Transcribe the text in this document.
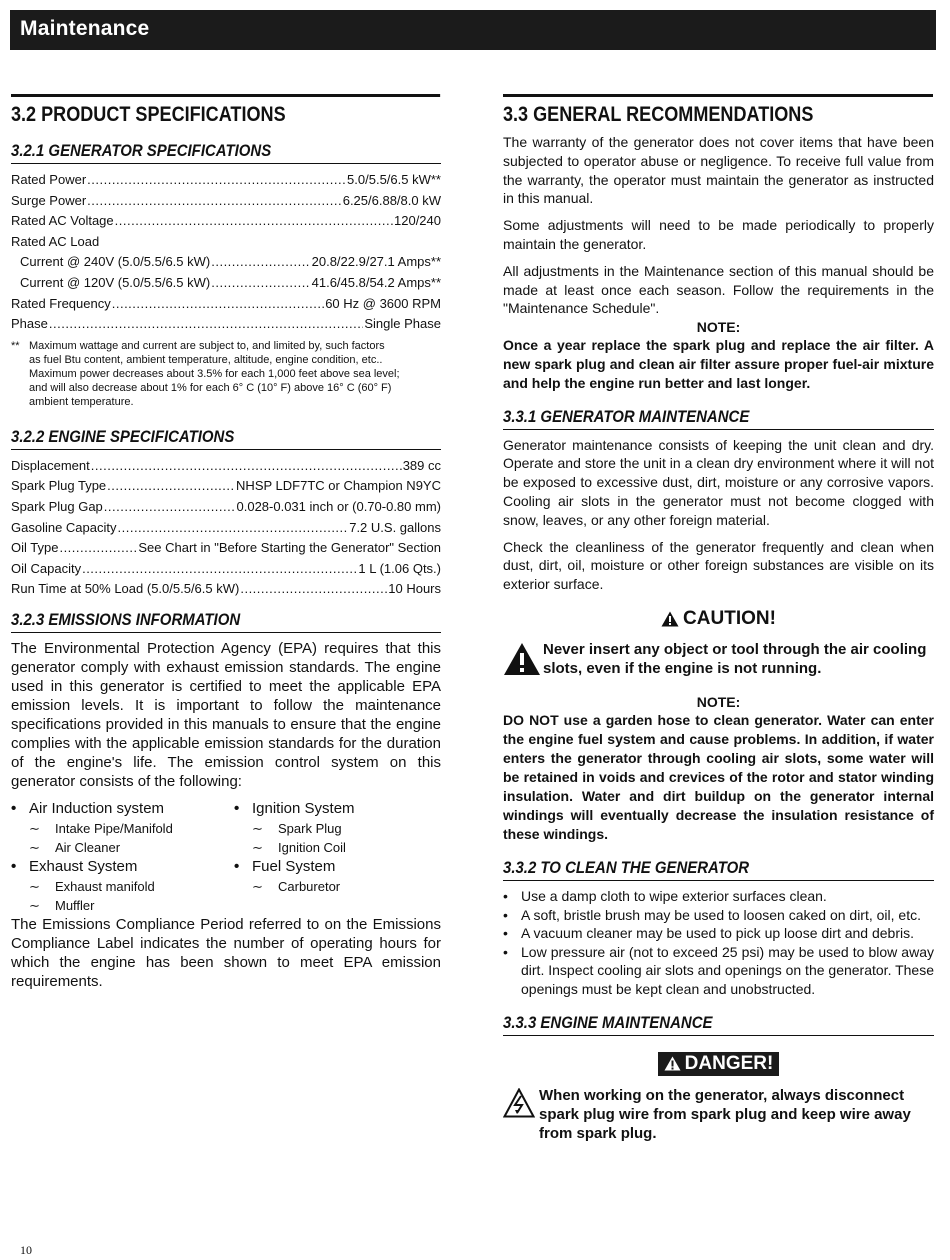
Maintenance
3.2 PRODUCT SPECIFICATIONS
3.2.1 GENERATOR SPECIFICATIONS
Rated Power .....	5.0/5.5/6.5 kW**
Surge Power .....	6.25/6.88/8.0 kW
Rated AC Voltage .....	120/240
Rated AC Load
Current @ 240V (5.0/5.5/6.5 kW) .....	20.8/22.9/27.1 Amps**
Current @ 120V (5.0/5.5/6.5 kW) .....	41.6/45.8/54.2 Amps**
Rated Frequency .....	60 Hz @ 3600 RPM
Phase .....	Single Phase
** Maximum wattage and current are subject to, and limited by, such factors
as fuel Btu content, ambient temperature, altitude, engine condition, etc..
Maximum power decreases about 3.5% for each 1,000 feet above sea level;
and will also decrease about 1% for each 6° C (10° F) above 16° C (60° F)
ambient temperature.
3.2.2 ENGINE SPECIFICATIONS
Displacement .....	389 cc
Spark Plug Type .....	NHSP LDF7TC or Champion N9YC
Spark Plug Gap .....	0.028-0.031 inch or (0.70-0.80 mm)
Gasoline Capacity .....	7.2 U.S. gallons
Oil Type .....	See Chart in "Before Starting the Generator" Section
Oil Capacity .....	1 L (1.06 Qts.)
Run Time at 50% Load (5.0/5.5/6.5 kW) .....	10 Hours
3.2.3 EMISSIONS INFORMATION
The Environmental Protection Agency (EPA) requires that this generator comply with exhaust emission standards. The engine used in this generator is certified to meet the applicable EPA emission levels. It is important to follow the maintenance specifications provided in this manuals to ensure that the engine complies with the applicable emission standards for the duration of the engine's life. The emission control system on this generator consists of the following:
• Air Induction system
∼	Intake Pipe/Manifold
∼	Air Cleaner
• Exhaust System
∼	Exhaust manifold
∼	Muffler
• Ignition System
∼	Spark Plug
∼	Ignition Coil
• Fuel System
∼	Carburetor
The Emissions Compliance Period referred to on the Emissions Compliance Label indicates the number of operating hours for which the engine has been shown to meet EPA emission requirements.
3.3 GENERAL RECOMMENDATIONS
The warranty of the generator does not cover items that have been subjected to operator abuse or negligence. To receive full value from the warranty, the operator must maintain the generator as instructed in this manual.
Some adjustments will need to be made periodically to properly maintain the generator.
All adjustments in the Maintenance section of this manual should be made at least once each season. Follow the requirements in the "Maintenance Schedule".
NOTE:
Once a year replace the spark plug and replace the air filter. A new spark plug and clean air filter assure proper fuel-air mixture and help the engine run better and last longer.
3.3.1 GENERATOR MAINTENANCE
Generator maintenance consists of keeping the unit clean and dry. Operate and store the unit in a clean dry environment where it will not be exposed to excessive dust, dirt, moisture or any corrosive vapors. Cooling air slots in the generator must not become clogged with snow, leaves, or any other foreign material.
Check the cleanliness of the generator frequently and clean when dust, dirt, oil, moisture or other foreign substances are visible on its exterior surface.
CAUTION!
Never insert any object or tool through the air cooling slots, even if the engine is not running.
NOTE:
DO NOT use a garden hose to clean generator. Water can enter the engine fuel system and cause problems. In addition, if water enters the generator through cooling air slots, some water will be retained in voids and crevices of the rotor and stator winding insulation. Water and dirt buildup on the generator internal windings will eventually decrease the insulation resistance of these windings.
3.3.2 TO CLEAN THE GENERATOR
• Use a damp cloth to wipe exterior surfaces clean.
• A soft, bristle brush may be used to loosen caked on dirt, oil, etc.
• A vacuum cleaner may be used to pick up loose dirt and debris.
• Low pressure air (not to exceed 25 psi) may be used to blow away dirt. Inspect cooling air slots and openings on the generator. These openings must be kept clean and unobstructed.
3.3.3 ENGINE MAINTENANCE
DANGER!
When working on the generator, always disconnect spark plug wire from spark plug and keep wire away from spark plug.
10
